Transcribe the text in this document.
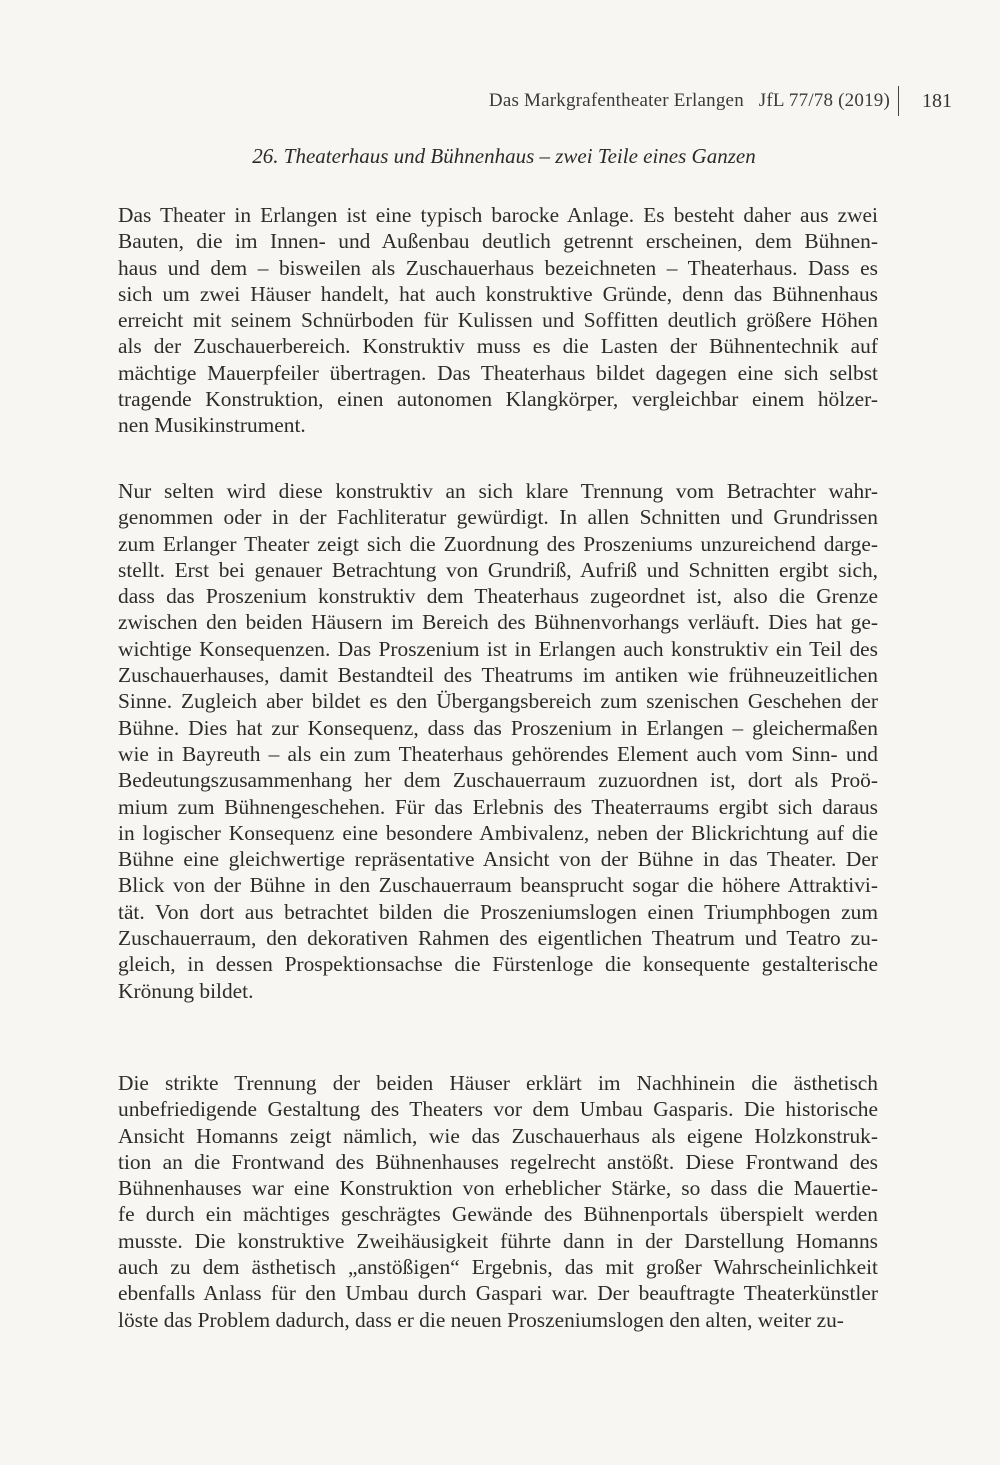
Das Markgrafentheater Erlangen   JfL 77/78 (2019) 181
26. Theaterhaus und Bühnenhaus – zwei Teile eines Ganzen
Das Theater in Erlangen ist eine typisch barocke Anlage. Es besteht daher aus zwei
Bauten, die im Innen- und Außenbau deutlich getrennt erscheinen, dem Bühnen-
haus und dem – bisweilen als Zuschauerhaus bezeichneten – Theaterhaus. Dass es
sich um zwei Häuser handelt, hat auch konstruktive Gründe, denn das Bühnenhaus
erreicht mit seinem Schnürboden für Kulissen und Soffitten deutlich größere Höhen
als der Zuschauerbereich. Konstruktiv muss es die Lasten der Bühnentechnik auf
mächtige Mauerpfeiler übertragen. Das Theaterhaus bildet dagegen eine sich selbst
tragende Konstruktion, einen autonomen Klangkörper, vergleichbar einem hölzer-
nen Musikinstrument.
Nur selten wird diese konstruktiv an sich klare Trennung vom Betrachter wahr-
genommen oder in der Fachliteratur gewürdigt. In allen Schnitten und Grundrissen
zum Erlanger Theater zeigt sich die Zuordnung des Proszeniums unzureichend darge-
stellt. Erst bei genauer Betrachtung von Grundriß, Aufriß und Schnitten ergibt sich,
dass das Proszenium konstruktiv dem Theaterhaus zugeordnet ist, also die Grenze
zwischen den beiden Häusern im Bereich des Bühnenvorhangs verläuft. Dies hat ge-
wichtige Konsequenzen. Das Proszenium ist in Erlangen auch konstruktiv ein Teil des
Zuschauerhauses, damit Bestandteil des Theatrums im antiken wie frühneuzeitlichen
Sinne. Zugleich aber bildet es den Übergangsbereich zum szenischen Geschehen der
Bühne. Dies hat zur Konsequenz, dass das Proszenium in Erlangen – gleichermaßen
wie in Bayreuth – als ein zum Theaterhaus gehörendes Element auch vom Sinn- und
Bedeutungszusammenhang her dem Zuschauerraum zuzuordnen ist, dort als Proö-
mium zum Bühnengeschehen. Für das Erlebnis des Theaterraums ergibt sich daraus
in logischer Konsequenz eine besondere Ambivalenz, neben der Blickrichtung auf die
Bühne eine gleichwertige repräsentative Ansicht von der Bühne in das Theater. Der
Blick von der Bühne in den Zuschauerraum beansprucht sogar die höhere Attraktivi-
tät. Von dort aus betrachtet bilden die Proszeniumslogen einen Triumphbogen zum
Zuschauerraum, den dekorativen Rahmen des eigentlichen Theatrum und Teatro zu-
gleich, in dessen Prospektionsachse die Fürstenloge die konsequente gestalterische
Krönung bildet.
Die strikte Trennung der beiden Häuser erklärt im Nachhinein die ästhetisch
unbefriedigende Gestaltung des Theaters vor dem Umbau Gasparis. Die historische
Ansicht Homanns zeigt nämlich, wie das Zuschauerhaus als eigene Holzkonstruk-
tion an die Frontwand des Bühnenhauses regelrecht anstößt. Diese Frontwand des
Bühnenhauses war eine Konstruktion von erheblicher Stärke, so dass die Mauertie-
fe durch ein mächtiges geschrägtes Gewände des Bühnenportals überspielt werden
musste. Die konstruktive Zweihäusigkeit führte dann in der Darstellung Homanns
auch zu dem ästhetisch „anstößigen“ Ergebnis, das mit großer Wahrscheinlichkeit
ebenfalls Anlass für den Umbau durch Gaspari war. Der beauftragte Theaterkünstler
löste das Problem dadurch, dass er die neuen Proszeniumslogen den alten, weiter zu-
